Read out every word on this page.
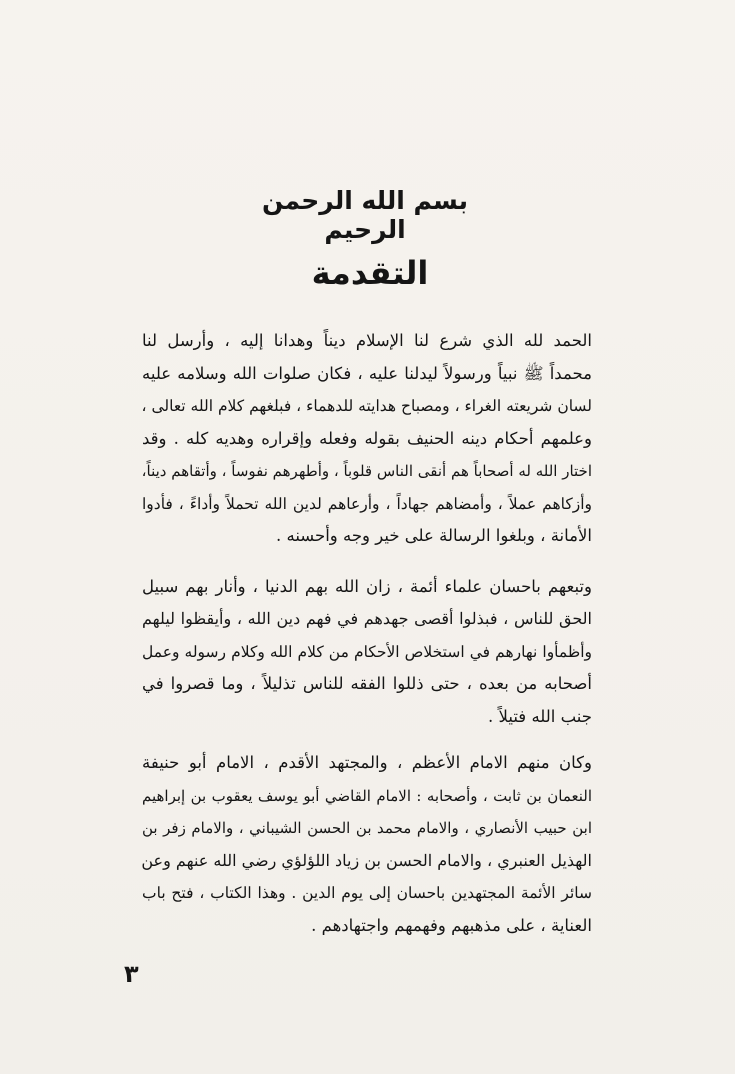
بسم الله الرحمن الرحيم
التقدمة
الحمد لله الذي شرع لنا الإسلام ديناً وهدانا إليه ، وأرسل لنا
محمداً ﷺ نبياً ورسولاً ليدلنا عليه ، فكان صلوات الله وسلامه عليه
لسان شريعته الغراء ، ومصباح هدايته للدهماء ، فبلغهم كلام الله تعالى ،
وعلمهم أحكام دينه الحنيف بقوله وفعله وإقراره وهديه كله . وقد
اختار الله له أصحاباً هم أنقى الناس قلوباً ، وأطهرهم نفوساً ، وأتقاهم ديناً،
وأزكاهم عملاً ، وأمضاهم جهاداً ، وأرعاهم لدين الله تحملاً وأداءً ، فأدوا
الأمانة ، وبلغوا الرسالة على خير وجه وأحسنه .
وتبعهم باحسان علماء أئمة ، زان الله بهم الدنيا ، وأنار بهم سبيل
الحق للناس ، فبذلوا أقصى جهدهم في فهم دين الله ، وأيقظوا ليلهم
وأظمأوا نهارهم في استخلاص الأحكام من كلام الله وكلام رسوله وعمل
أصحابه من بعده ، حتى ذللوا الفقه للناس تذليلاً ، وما قصروا في
جنب الله فتيلاً .
وكان منهم الامام الأعظم ، والمجتهد الأقدم ، الامام أبو حنيفة
النعمان بن ثابت ، وأصحابه : الامام القاضي أبو يوسف يعقوب بن إبراهيم
ابن حبيب الأنصاري ، والامام محمد بن الحسن الشيباني ، والامام زفر بن
الهذيل العنبري ، والامام الحسن بن زياد اللؤلؤي رضي الله عنهم وعن
سائر الأئمة المجتهدين باحسان إلى يوم الدين . وهذا الكتاب ، فتح باب
العناية ، على مذهبهم وفهمهم واجتهادهم .
٣
